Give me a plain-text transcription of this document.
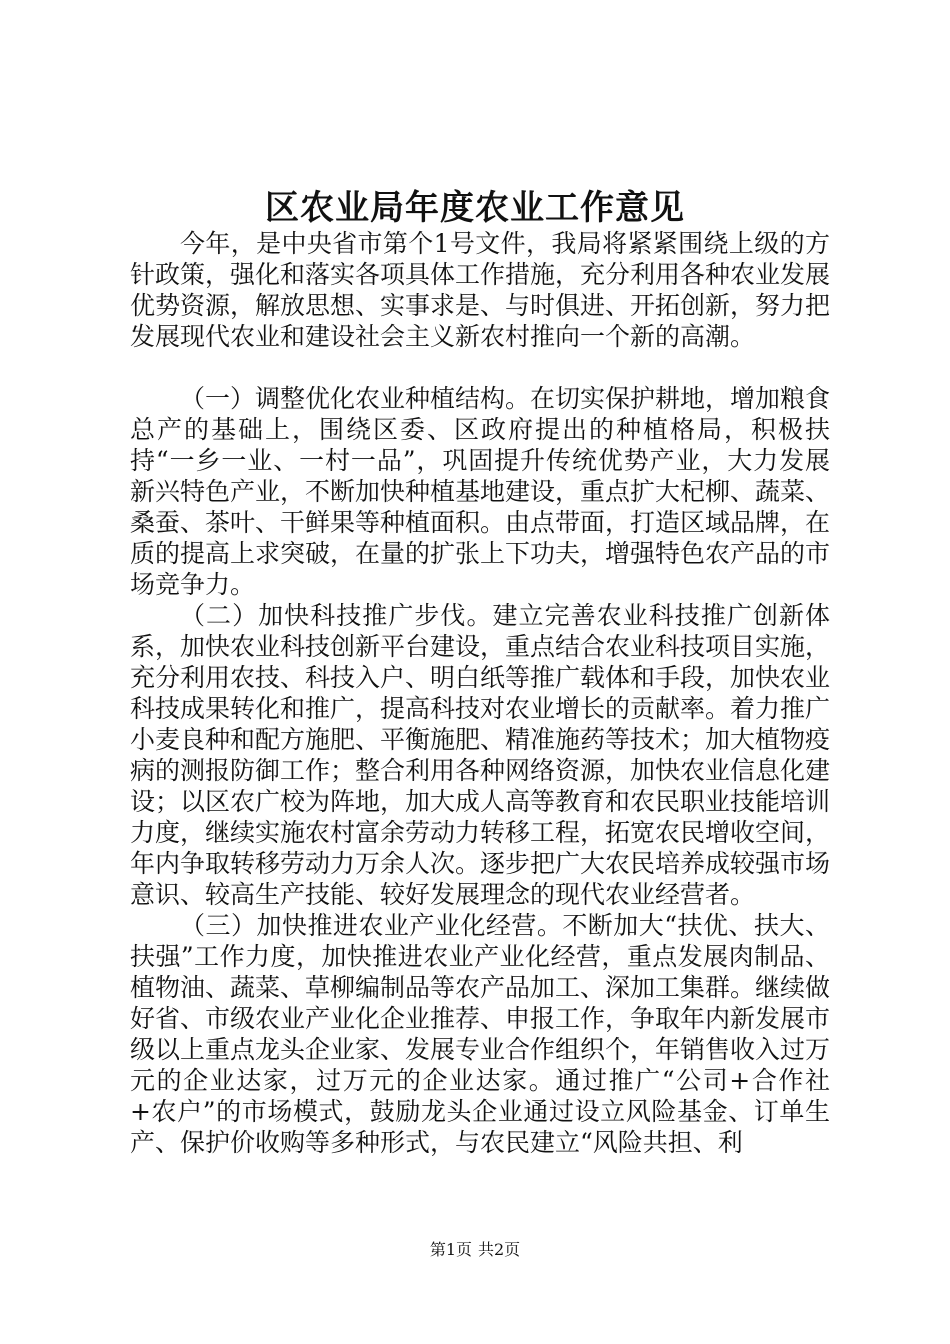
区农业局年度农业工作意见

今年，是中央省市第个1号文件，我局将紧紧围绕上级的方针政策，强化和落实各项具体工作措施，充分利用各种农业发展优势资源，解放思想、实事求是、与时俱进、开拓创新，努力把发展现代农业和建设社会主义新农村推向一个新的高潮。

（一）调整优化农业种植结构。在切实保护耕地，增加粮食总产的基础上，围绕区委、区政府提出的种植格局，积极扶持“一乡一业、一村一品”，巩固提升传统优势产业，大力发展新兴特色产业，不断加快种植基地建设，重点扩大杞柳、蔬菜、桑蚕、茶叶、干鲜果等种植面积。由点带面，打造区域品牌，在质的提高上求突破，在量的扩张上下功夫，增强特色农产品的市场竞争力。

（二）加快科技推广步伐。建立完善农业科技推广创新体系，加快农业科技创新平台建设，重点结合农业科技项目实施，充分利用农技、科技入户、明白纸等推广载体和手段，加快农业科技成果转化和推广，提高科技对农业增长的贡献率。着力推广小麦良种和配方施肥、平衡施肥、精准施药等技术；加大植物疫病的测报防御工作；整合利用各种网络资源，加快农业信息化建设；以区农广校为阵地，加大成人高等教育和农民职业技能培训力度，继续实施农村富余劳动力转移工程，拓宽农民增收空间，年内争取转移劳动力万余人次。逐步把广大农民培养成较强市场意识、较高生产技能、较好发展理念的现代农业经营者。

（三）加快推进农业产业化经营。不断加大“扶优、扶大、扶强”工作力度，加快推进农业产业化经营，重点发展肉制品、植物油、蔬菜、草柳编制品等农产品加工、深加工集群。继续做好省、市级农业产业化企业推荐、申报工作，争取年内新发展市级以上重点龙头企业家、发展专业合作组织个，年销售收入过万元的企业达家，过万元的企业达家。通过推广“公司+合作社+农户”的市场模式，鼓励龙头企业通过设立风险基金、订单生产、保护价收购等多种形式，与农民建立“风险共担、利

第1页 共2页
